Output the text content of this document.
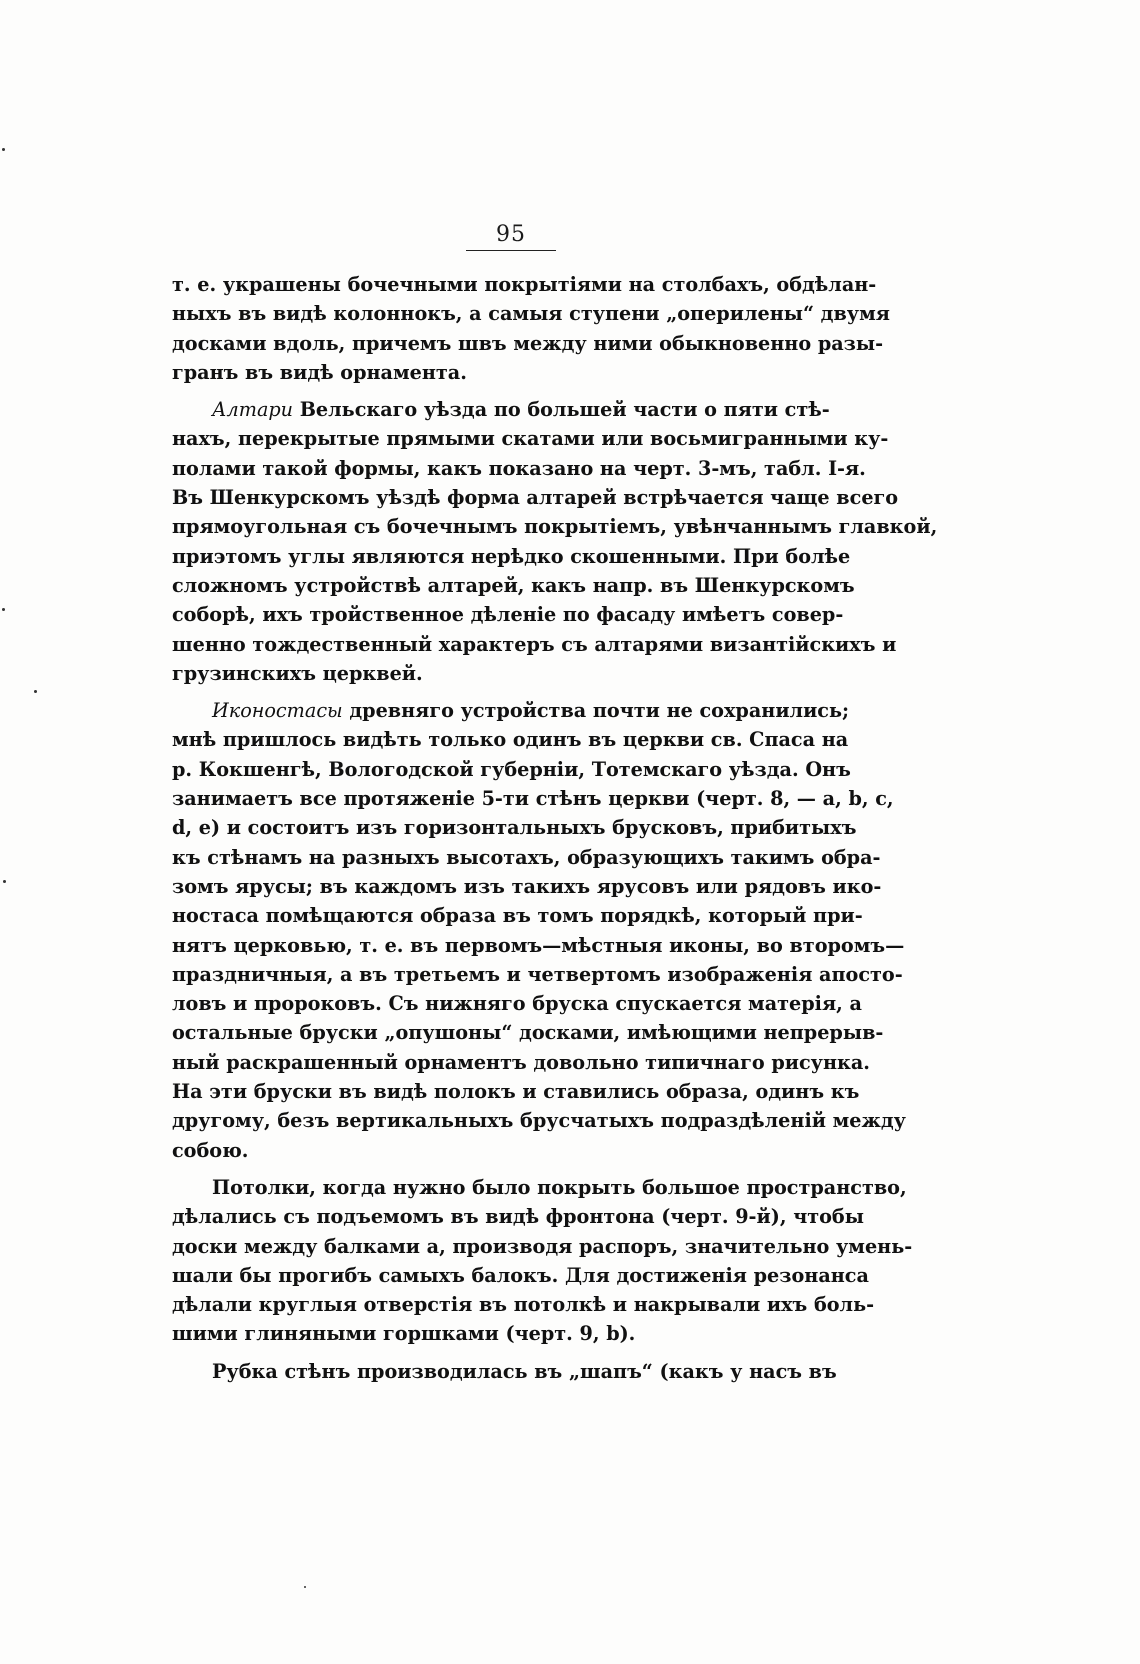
95
т. е. украшены бочечными покрытіями на столбахъ, обдѣлан-
ныхъ въ видѣ колоннокъ, а самыя ступени „оперилены“ двумя
досками вдоль, причемъ швъ между ними обыкновенно разы-
гранъ въ видѣ орнамента.
Алтари Вельскаго уѣзда по большей части о пяти стѣ-
нахъ, перекрытые прямыми скатами или восьмигранными ку-
полами такой формы, какъ показано на черт. 3-мъ, табл. I-я.
Въ Шенкурскомъ уѣздѣ форма алтарей встрѣчается чаще всего
прямоугольная съ бочечнымъ покрытіемъ, увѣнчаннымъ главкой,
приэтомъ углы являются нерѣдко скошенными. При болѣе
сложномъ устройствѣ алтарей, какъ напр. въ Шенкурскомъ
соборѣ, ихъ тройственное дѣленіе по фасаду имѣетъ совер-
шенно тождественный характеръ съ алтарями византійскихъ и
грузинскихъ церквей.
Иконостасы древняго устройства почти не сохранились;
мнѣ пришлось видѣть только одинъ въ церкви св. Спаса на
р. Кокшенгѣ, Вологодской губерніи, Тотемскаго уѣзда. Онъ
занимаетъ все протяженіе 5-ти стѣнъ церкви (черт. 8, — a, b, c,
d, e) и состоитъ изъ горизонтальныхъ брусковъ, прибитыхъ
къ стѣнамъ на разныхъ высотахъ, образующихъ такимъ обра-
зомъ ярусы; въ каждомъ изъ такихъ ярусовъ или рядовъ ико-
ностаса помѣщаются образа въ томъ порядкѣ, который при-
нятъ церковью, т. е. въ первомъ—мѣстныя иконы, во второмъ—
праздничныя, а въ третьемъ и четвертомъ изображенія апосто-
ловъ и пророковъ. Съ нижняго бруска спускается матерія, а
остальные бруски „опушоны“ досками, имѣющими непрерыв-
ный раскрашенный орнаментъ довольно типичнаго рисунка.
На эти бруски въ видѣ полокъ и ставились образа, одинъ къ
другому, безъ вертикальныхъ брусчатыхъ подраздѣленій между
собою.
Потолки, когда нужно было покрыть большое пространство,
дѣлались съ подъемомъ въ видѣ фронтона (черт. 9-й), чтобы
доски между балками a, производя распоръ, значительно умень-
шали бы прогибъ самыхъ балокъ. Для достиженія резонанса
дѣлали круглыя отверстія въ потолкѣ и накрывали ихъ боль-
шими глиняными горшками (черт. 9, b).
Рубка стѣнъ производилась въ „шапъ“ (какъ у насъ въ
